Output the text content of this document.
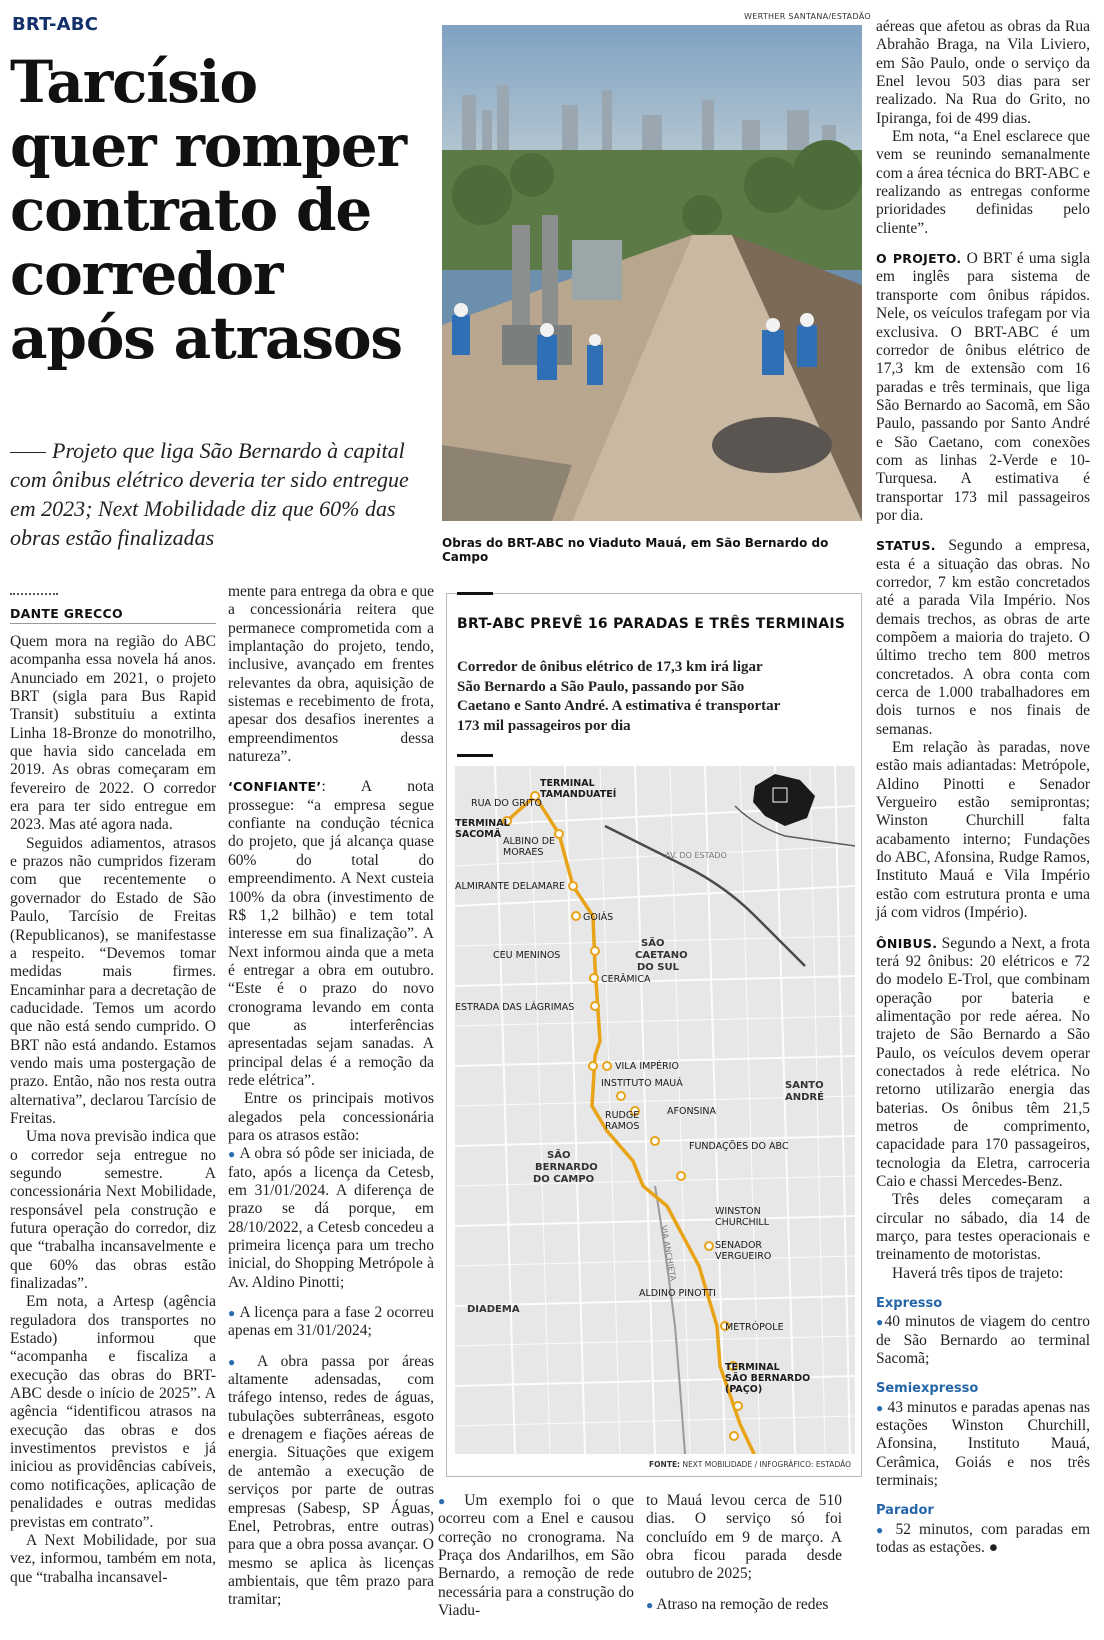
BRT-ABC
Tarcísio quer romper contrato de corredor após atrasos
Projeto que liga São Bernardo à capital com ônibus elétrico deveria ter sido entregue em 2023; Next Mobilidade diz que 60% das obras estão finalizadas
WERTHER SANTANA/ESTADÃO
Obras do BRT-ABC no Viaduto Mauá, em São Bernardo do Campo
DANTE GRECCO

Quem mora na região do ABC acompanha essa novela há anos. Anunciado em 2021, o projeto BRT (sigla para Bus Rapid Transit) substituiu a extinta Linha 18-Bronze do monotrilho, que havia sido cancelada em 2019. As obras começaram em fevereiro de 2022. O corredor era para ter sido entregue em 2023. Mas até agora nada.

Seguidos adiamentos, atrasos e prazos não cumpridos fizeram com que recentemente o governador do Estado de São Paulo, Tarcísio de Freitas (Republicanos), se manifestasse a respeito. “Devemos tomar medidas mais firmes. Encaminhar para a decretação de caducidade. Temos um acordo que não está sendo cumprido. O BRT não está andando. Estamos vendo mais uma postergação de prazo. Então, não nos resta outra alternativa”, declarou Tarcísio de Freitas.

Uma nova previsão indica que o corredor seja entregue no segundo semestre. A concessionária Next Mobilidade, responsável pela construção e futura operação do corredor, diz que “trabalha incansavelmente e que 60% das obras estão finalizadas”.

Em nota, a Artesp (agência reguladora dos transportes no Estado) informou que “acompanha e fiscaliza a execução das obras do BRT-ABC desde o início de 2025”. A agência “identificou atrasos na execução das obras e dos investimentos previstos e já iniciou as providências cabíveis, como notificações, aplicação de penalidades e outras medidas previstas em contrato”.

A Next Mobilidade, por sua vez, informou, também em nota, que “trabalha incansavel-

mente para entrega da obra e que a concessionária reitera que permanece comprometida com a implantação do projeto, tendo, inclusive, avançado em frentes relevantes da obra, aquisição de sistemas e recebimento de frota, apesar dos desafios inerentes a empreendimentos dessa natureza”.

‘CONFIANTE’: A nota prossegue: “a empresa segue confiante na condução técnica do projeto, que já alcança quase 60% do total do empreendimento. A Next custeia 100% da obra (investimento de R$ 1,2 bilhão) e tem total interesse em sua finalização”. A Next informou ainda que a meta é entregar a obra em outubro. “Este é o prazo do novo cronograma levando em conta que as interferências apresentadas sejam sanadas. A principal delas é a remoção da rede elétrica”.

Entre os principais motivos alegados pela concessionária para os atrasos estão:

● A obra só pôde ser iniciada, de fato, após a licença da Cetesb, em 31/01/2024. A diferença de prazo se dá porque, em 28/10/2022, a Cetesb concedeu a primeira licença para um trecho inicial, do Shopping Metrópole à Av. Aldino Pinotti;

● A licença para a fase 2 ocorreu apenas em 31/01/2024;

● A obra passa por áreas altamente adensadas, com tráfego intenso, redes de águas, tubulações subterrâneas, esgoto e drenagem e fiações aéreas de energia. Situações que exigem de antemão a execução de serviços por parte de outras empresas (Sabesp, SP Águas, Enel, Petrobras, entre outras) para que a obra possa avançar. O mesmo se aplica às licenças ambientais, que têm prazo para tramitar;

BRT-ABC PREVÊ 16 PARADAS E TRÊS TERMINAIS
Corredor de ônibus elétrico de 17,3 km irá ligar São Bernardo a São Paulo, passando por São Caetano e Santo André. A estimativa é transportar 173 mil passageiros por dia
TERMINAL
TAMANDUATEÍ
RUA DO GRITO
TERMINAL
SACOMÃ
ALBINO DE
MORAES
ALMIRANTE DELAMARE
GOIÁS
CEU MENINOS
CERÂMICA
ESTRADA DAS LÁGRIMAS
VILA IMPÉRIO
INSTITUTO MAUÁ
RUDGE
RAMOS
AFONSINA
FUNDAÇÕES DO ABC
WINSTON
CHURCHILL
SENADOR
VERGUEIRO
ALDINO PINOTTI
METRÓPOLE
TERMINAL
SÃO BERNARDO
(PAÇO)
SÃO
CAETANO
DO SUL
SANTO
ANDRÉ
SÃO
BERNARDO
DO CAMPO
DIADEMA
AV. DO ESTADO
VIA ANCHIETA
FONTE: NEXT MOBILIDADE / INFOGRÁFICO: ESTADÃO

● Um exemplo foi o que ocorreu com a Enel e causou correção no cronograma. Na Praça dos Andarilhos, em São Bernardo, a remoção de rede necessária para a construção do Viadu-

to Mauá levou cerca de 510 dias. O serviço só foi concluído em 9 de março. A obra ficou parada desde outubro de 2025;

● Atraso na remoção de redes

aéreas que afetou as obras da Rua Abrahão Braga, na Vila Liviero, em São Paulo, onde o serviço da Enel levou 503 dias para ser realizado. Na Rua do Grito, no Ipiranga, foi de 499 dias.

Em nota, “a Enel esclarece que vem se reunindo semanalmente com a área técnica do BRT-ABC e realizando as entregas conforme prioridades definidas pelo cliente”.

O PROJETO. O BRT é uma sigla em inglês para sistema de transporte com ônibus rápidos. Nele, os veículos trafegam por via exclusiva. O BRT-ABC é um corredor de ônibus elétrico de 17,3 km de extensão com 16 paradas e três terminais, que liga São Bernardo ao Sacomã, em São Paulo, passando por Santo André e São Caetano, com conexões com as linhas 2-Verde e 10-Turquesa. A estimativa é transportar 173 mil passageiros por dia.

STATUS. Segundo a empresa, esta é a situação das obras. No corredor, 7 km estão concretados até a parada Vila Império. Nos demais trechos, as obras de arte compõem a maioria do trajeto. O último trecho tem 800 metros concretados. A obra conta com cerca de 1.000 trabalhadores em dois turnos e nos finais de semanas.

Em relação às paradas, nove estão mais adiantadas: Metrópole, Aldino Pinotti e Senador Vergueiro estão semiprontas; Winston Churchill falta acabamento interno; Fundações do ABC, Afonsina, Rudge Ramos, Instituto Mauá e Vila Império estão com estrutura pronta e uma já com vidros (Império).

ÔNIBUS. Segundo a Next, a frota terá 92 ônibus: 20 elétricos e 72 do modelo E-Trol, que combinam operação por bateria e alimentação por rede aérea. No trajeto de São Bernardo a São Paulo, os veículos devem operar conectados à rede elétrica. No retorno utilizarão energia das baterias. Os ônibus têm 21,5 metros de comprimento, capacidade para 170 passageiros, tecnologia da Eletra, carroceria Caio e chassi Mercedes-Benz.

Três deles começaram a circular no sábado, dia 14 de março, para testes operacionais e treinamento de motoristas.

Haverá três tipos de trajeto:

Expresso

●40 minutos de viagem do centro de São Bernardo ao terminal Sacomã;

Semiexpresso

● 43 minutos e paradas apenas nas estações Winston Churchill, Afonsina, Instituto Mauá, Cerâmica, Goiás e nos três terminais;

Parador

● 52 minutos, com paradas em todas as estações. ●
